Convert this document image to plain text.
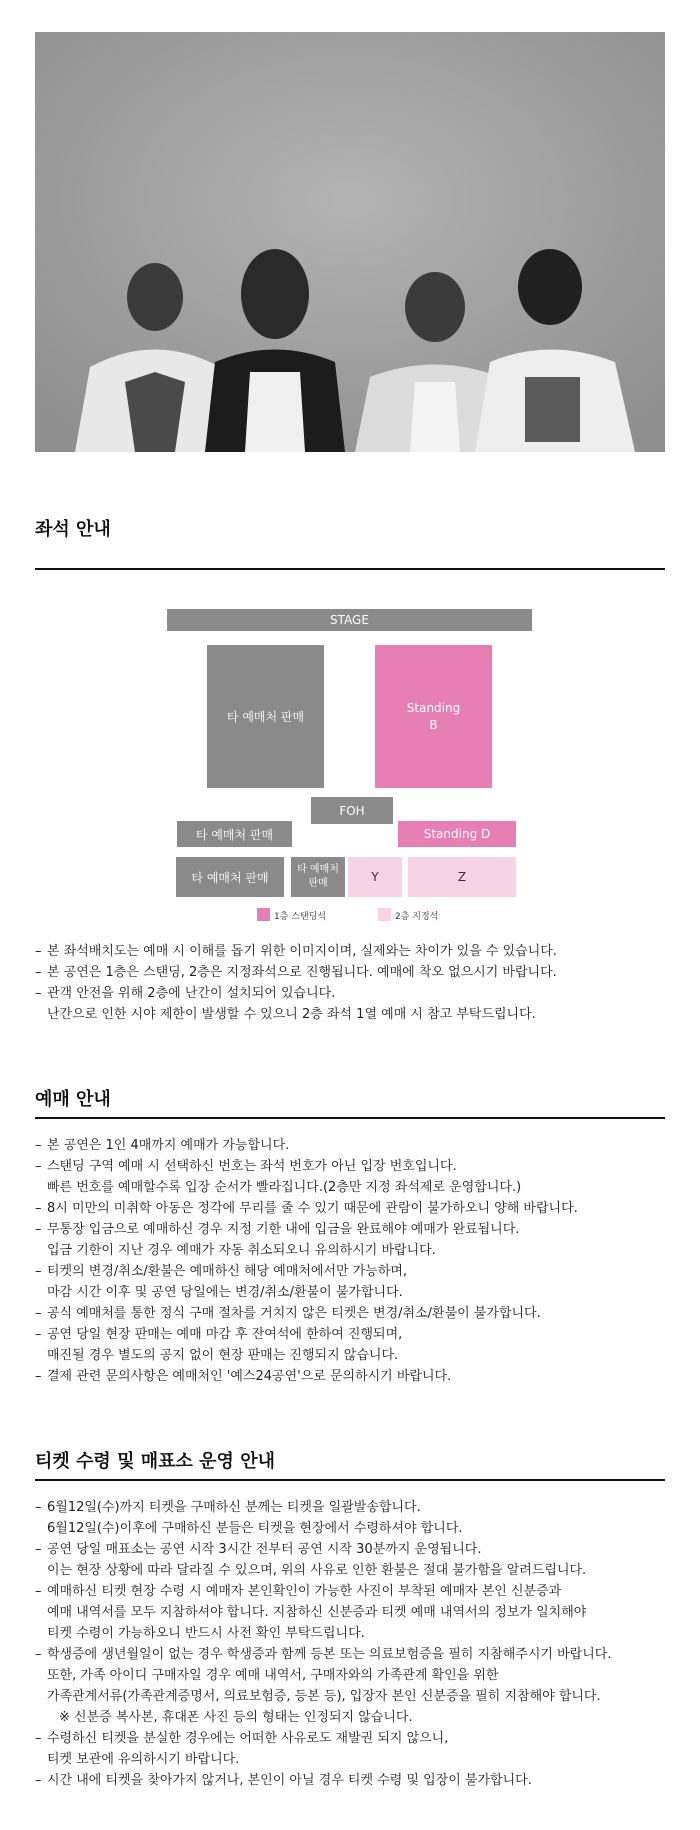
좌석 안내
STAGE
타 예매처 판매
Standing
B
FOH
타 예매처 판매	Standing D
타 예매처 판매
타 예매처
판매	Y	Z
1층 스탠딩석	2층 지정석
– 본 좌석배치도는 예매 시 이해를 돕기 위한 이미지이며, 실제와는 차이가 있을 수 있습니다.
– 본 공연은 1층은 스탠딩, 2층은 지정좌석으로 진행됩니다. 예매에 착오 없으시기 바랍니다.
– 관객 안전을 위해 2층에 난간이 설치되어 있습니다.
난간으로 인한 시야 제한이 발생할 수 있으니 2층 좌석 1열 예매 시 참고 부탁드립니다.
예매 안내
– 본 공연은 1인 4매까지 예매가 가능합니다.
– 스탠딩 구역 예매 시 선택하신 번호는 좌석 번호가 아닌 입장 번호입니다.
빠른 번호를 예매할수록 입장 순서가 빨라집니다.(2층만 지정 좌석제로 운영합니다.)
– 8시 미만의 미취학 아동은 정각에 무리를 줄 수 있기 때문에 관람이 불가하오니 양해 바랍니다.
– 무통장 입금으로 예매하신 경우 지정 기한 내에 입금을 완료해야 예매가 완료됩니다.
입금 기한이 지난 경우 예매가 자동 취소되오니 유의하시기 바랍니다.
– 티켓의 변경/취소/환불은 예매하신 해당 예매처에서만 가능하며,
마감 시간 이후 및 공연 당일에는 변경/취소/환불이 불가합니다.
– 공식 예매처를 통한 정식 구매 절차를 거치지 않은 티켓은 변경/취소/환불이 불가합니다.
– 공연 당일 현장 판매는 예매 마감 후 잔여석에 한하여 진행되며,
매진될 경우 별도의 공지 없이 현장 판매는 진행되지 않습니다.
– 결제 관련 문의사항은 예매처인 '예스24공연'으로 문의하시기 바랍니다.
티켓 수령 및 매표소 운영 안내
– 6월12일(수)까지 티켓을 구매하신 분께는 티켓을 일괄발송합니다.
6월12일(수)이후에 구매하신 분들은 티켓을 현장에서 수령하셔야 합니다.
– 공연 당일 매표소는 공연 시작 3시간 전부터 공연 시작 30분까지 운영됩니다.
이는 현장 상황에 따라 달라질 수 있으며, 위의 사유로 인한 환불은 절대 불가함을 알려드립니다.
– 예매하신 티켓 현장 수령 시 예매자 본인확인이 가능한 사진이 부착된 예매자 본인 신분증과
예매 내역서를 모두 지참하셔야 합니다. 지참하신 신분증과 티켓 예매 내역서의 정보가 일치해야
티켓 수령이 가능하오니 반드시 사전 확인 부탁드립니다.
– 학생증에 생년월일이 없는 경우 학생증과 함께 등본 또는 의료보험증을 필히 지참해주시기 바랍니다.
또한, 가족 아이디 구매자일 경우 예매 내역서, 구매자와의 가족관계 확인을 위한
가족관계서류(가족관계증명서, 의료보험증, 등본 등), 입장자 본인 신분증을 필히 지참해야 합니다.
※ 신분증 복사본, 휴대폰 사진 등의 형태는 인정되지 않습니다.
– 수령하신 티켓을 분실한 경우에는 어떠한 사유로도 재발권 되지 않으니,
티켓 보관에 유의하시기 바랍니다.
– 시간 내에 티켓을 찾아가지 않거나, 본인이 아닐 경우 티켓 수령 및 입장이 불가합니다.
